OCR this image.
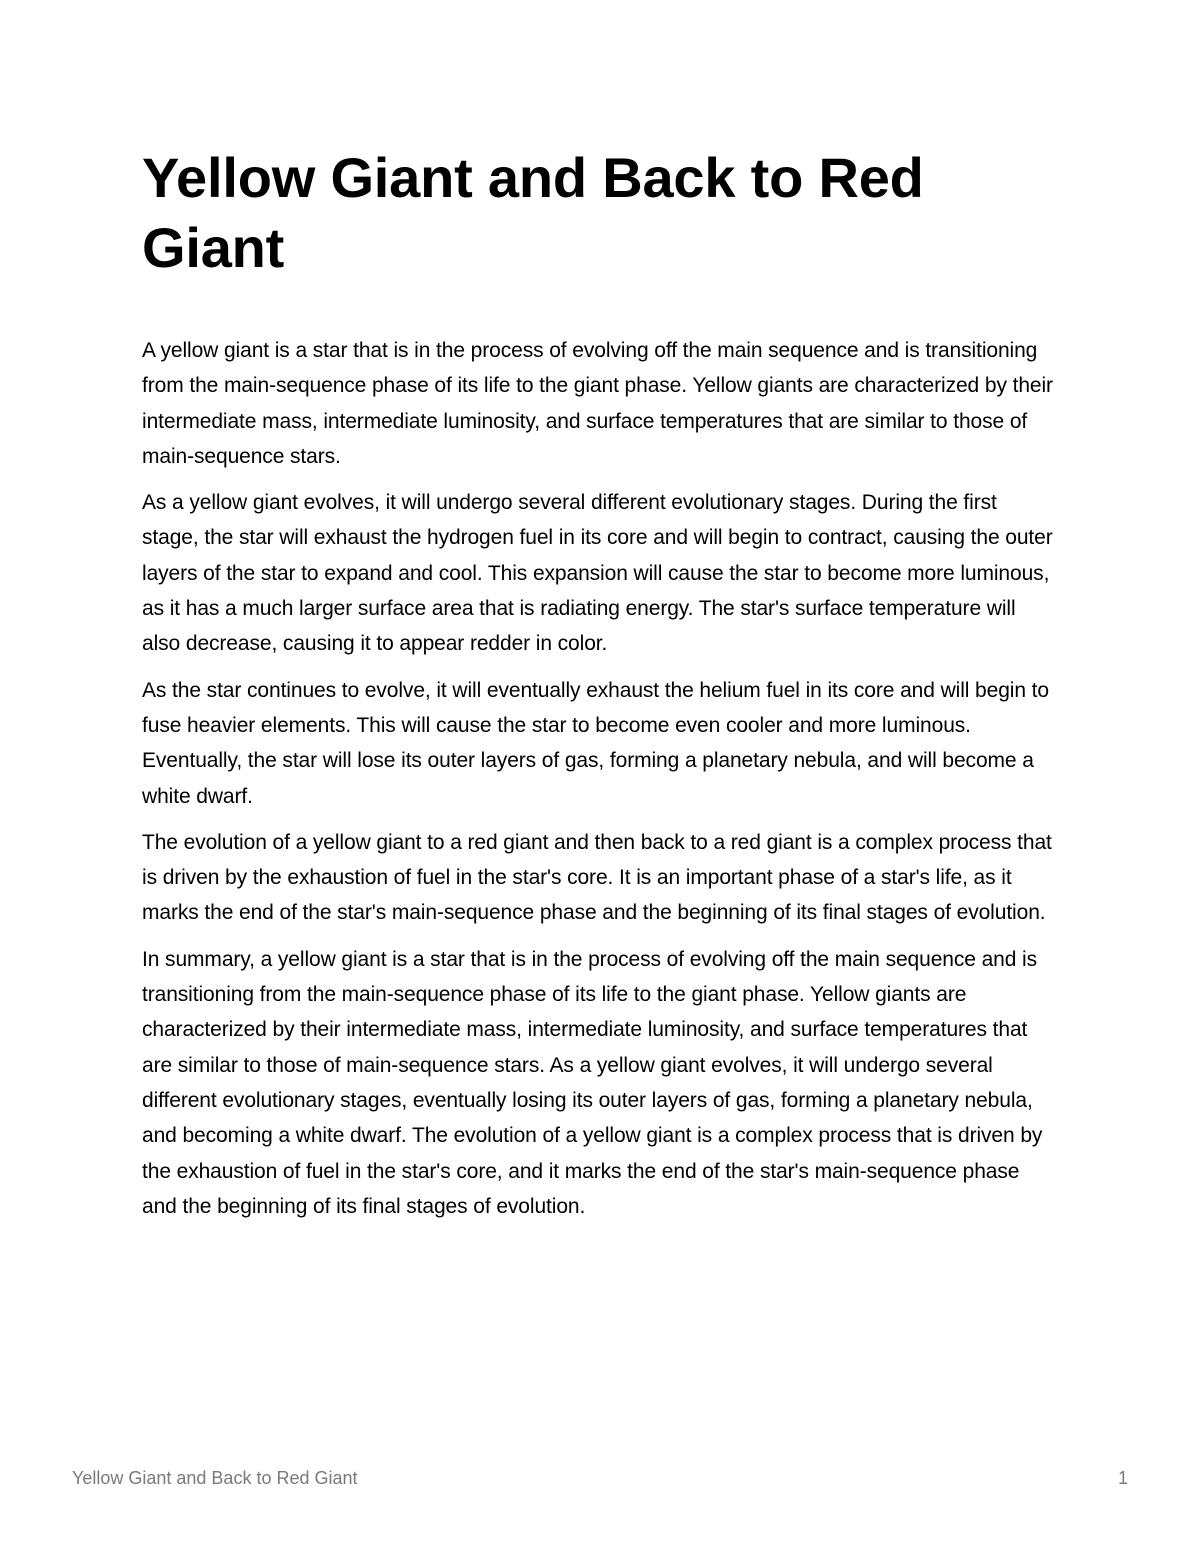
Yellow Giant and Back to Red Giant

A yellow giant is a star that is in the process of evolving off the main sequence and is transitioning from the main-sequence phase of its life to the giant phase. Yellow giants are characterized by their intermediate mass, intermediate luminosity, and surface temperatures that are similar to those of main-sequence stars.

As a yellow giant evolves, it will undergo several different evolutionary stages. During the first stage, the star will exhaust the hydrogen fuel in its core and will begin to contract, causing the outer layers of the star to expand and cool. This expansion will cause the star to become more luminous, as it has a much larger surface area that is radiating energy. The star's surface temperature will also decrease, causing it to appear redder in color.

As the star continues to evolve, it will eventually exhaust the helium fuel in its core and will begin to fuse heavier elements. This will cause the star to become even cooler and more luminous. Eventually, the star will lose its outer layers of gas, forming a planetary nebula, and will become a white dwarf.

The evolution of a yellow giant to a red giant and then back to a red giant is a complex process that is driven by the exhaustion of fuel in the star's core. It is an important phase of a star's life, as it marks the end of the star's main-sequence phase and the beginning of its final stages of evolution.

In summary, a yellow giant is a star that is in the process of evolving off the main sequence and is transitioning from the main-sequence phase of its life to the giant phase. Yellow giants are characterized by their intermediate mass, intermediate luminosity, and surface temperatures that are similar to those of main-sequence stars. As a yellow giant evolves, it will undergo several different evolutionary stages, eventually losing its outer layers of gas, forming a planetary nebula, and becoming a white dwarf. The evolution of a yellow giant is a complex process that is driven by the exhaustion of fuel in the star's core, and it marks the end of the star's main-sequence phase and the beginning of its final stages of evolution.

Yellow Giant and Back to Red Giant	1
